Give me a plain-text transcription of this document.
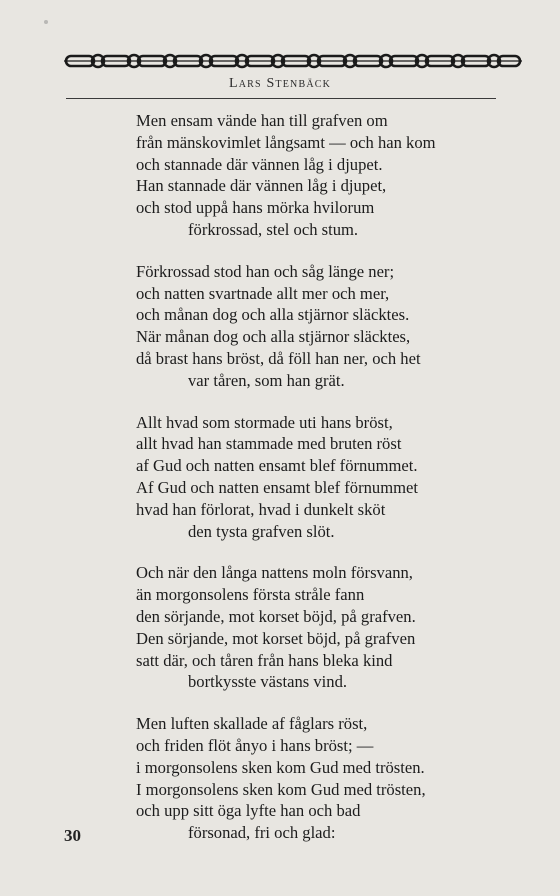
Lars Stenbäck
Men ensam vände han till grafven om
från mänskovimlet långsamt — och han kom
och stannade där vännen låg i djupet.
Han stannade där vännen låg i djupet,
och stod uppå hans mörka hvilorum
förkrossad, stel och stum.
Förkrossad stod han och såg länge ner;
och natten svartnade allt mer och mer,
och månan dog och alla stjärnor släcktes.
När månan dog och alla stjärnor släcktes,
då brast hans bröst, då föll han ner, och het
var tåren, som han grät.
Allt hvad som stormade uti hans bröst,
allt hvad han stammade med bruten röst
af Gud och natten ensamt blef förnummet.
Af Gud och natten ensamt blef förnummet
hvad han förlorat, hvad i dunkelt sköt
den tysta grafven slöt.
Och när den långa nattens moln försvann,
än morgonsolens första stråle fann
den sörjande, mot korset böjd, på grafven.
Den sörjande, mot korset böjd, på grafven
satt där, och tåren från hans bleka kind
bortkysste västans vind.
Men luften skallade af fåglars röst,
och friden flöt ånyo i hans bröst; —
i morgonsolens sken kom Gud med trösten.
I morgonsolens sken kom Gud med trösten,
och upp sitt öga lyfte han och bad
försonad, fri och glad:
30
